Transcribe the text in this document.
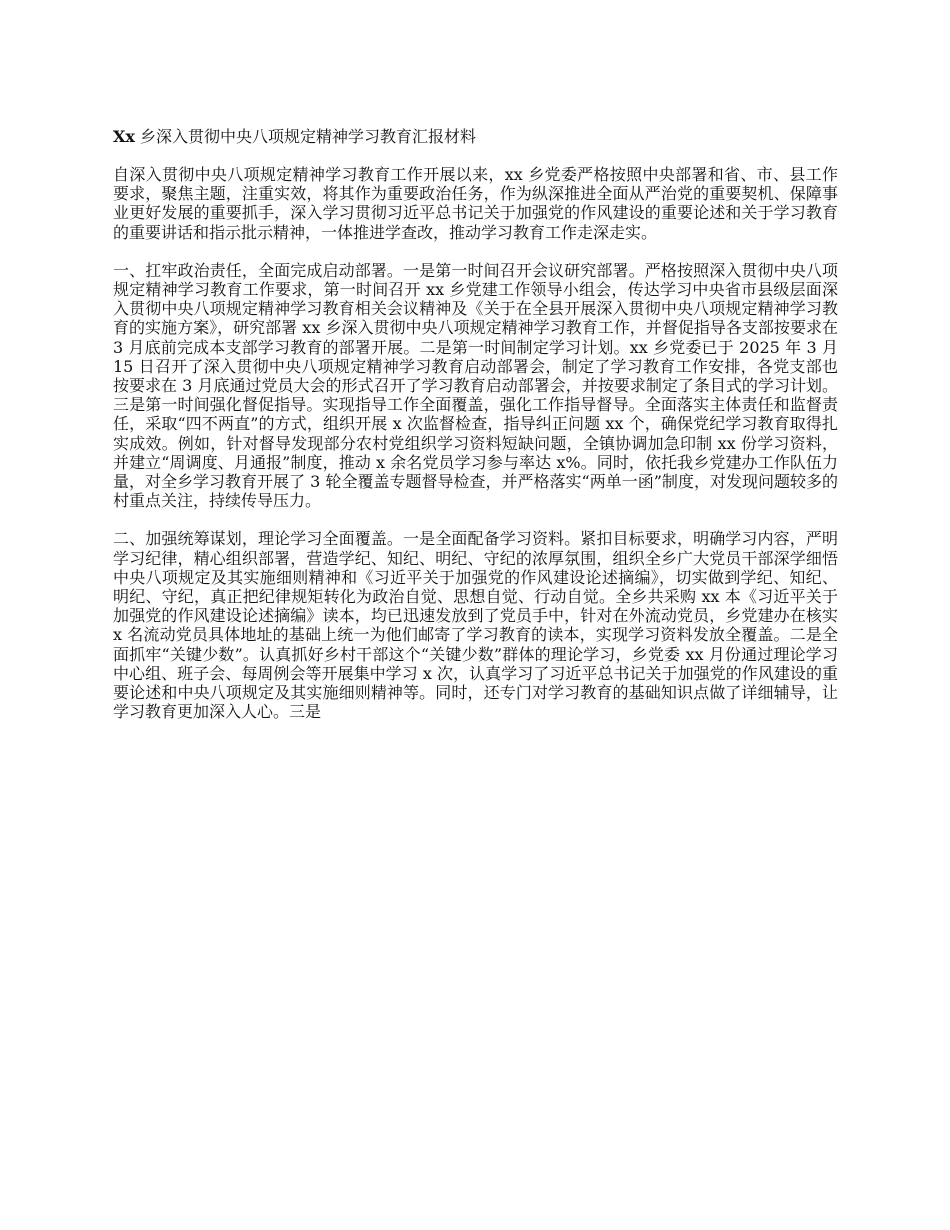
Xx 乡深入贯彻中央八项规定精神学习教育汇报材料

自深入贯彻中央八项规定精神学习教育工作开展以来，xx 乡党委严格按照中央部署和省、市、县工作要求，聚焦主题，注重实效，将其作为重要政治任务，作为纵深推进全面从严治党的重要契机、保障事业更好发展的重要抓手，深入学习贯彻习近平总书记关于加强党的作风建设的重要论述和关于学习教育的重要讲话和指示批示精神，一体推进学查改，推动学习教育工作走深走实。

一、扛牢政治责任，全面完成启动部署。一是第一时间召开会议研究部署。严格按照深入贯彻中央八项规定精神学习教育工作要求，第一时间召开 xx 乡党建工作领导小组会，传达学习中央省市县级层面深入贯彻中央八项规定精神学习教育相关会议精神及《关于在全县开展深入贯彻中央八项规定精神学习教育的实施方案》，研究部署 xx 乡深入贯彻中央八项规定精神学习教育工作，并督促指导各支部按要求在 3 月底前完成本支部学习教育的部署开展。二是第一时间制定学习计划。xx 乡党委已于 2025 年 3 月 15 日召开了深入贯彻中央八项规定精神学习教育启动部署会，制定了学习教育工作安排，各党支部也按要求在 3 月底通过党员大会的形式召开了学习教育启动部署会，并按要求制定了条目式的学习计划。三是第一时间强化督促指导。实现指导工作全面覆盖，强化工作指导督导。全面落实主体责任和监督责任，采取“四不两直”的方式，组织开展 x 次监督检查，指导纠正问题 xx 个，确保党纪学习教育取得扎实成效。例如，针对督导发现部分农村党组织学习资料短缺问题，全镇协调加急印制 xx 份学习资料，并建立“周调度、月通报”制度，推动 x 余名党员学习参与率达 x%。同时，依托我乡党建办工作队伍力量，对全乡学习教育开展了 3 轮全覆盖专题督导检查，并严格落实“两单一函”制度，对发现问题较多的村重点关注，持续传导压力。

二、加强统筹谋划，理论学习全面覆盖。一是全面配备学习资料。紧扣目标要求，明确学习内容，严明学习纪律，精心组织部署，营造学纪、知纪、明纪、守纪的浓厚氛围，组织全乡广大党员干部深学细悟中央八项规定及其实施细则精神和《习近平关于加强党的作风建设论述摘编》，切实做到学纪、知纪、明纪、守纪，真正把纪律规矩转化为政治自觉、思想自觉、行动自觉。全乡共采购 xx 本《习近平关于加强党的作风建设论述摘编》读本，均已迅速发放到了党员手中，针对在外流动党员，乡党建办在核实 x 名流动党员具体地址的基础上统一为他们邮寄了学习教育的读本，实现学习资料发放全覆盖。二是全面抓牢“关键少数”。认真抓好乡村干部这个“关键少数”群体的理论学习，乡党委 xx 月份通过理论学习中心组、班子会、每周例会等开展集中学习 x 次，认真学习了习近平总书记关于加强党的作风建设的重要论述和中央八项规定及其实施细则精神等。同时，还专门对学习教育的基础知识点做了详细辅导，让学习教育更加深入人心。三是
